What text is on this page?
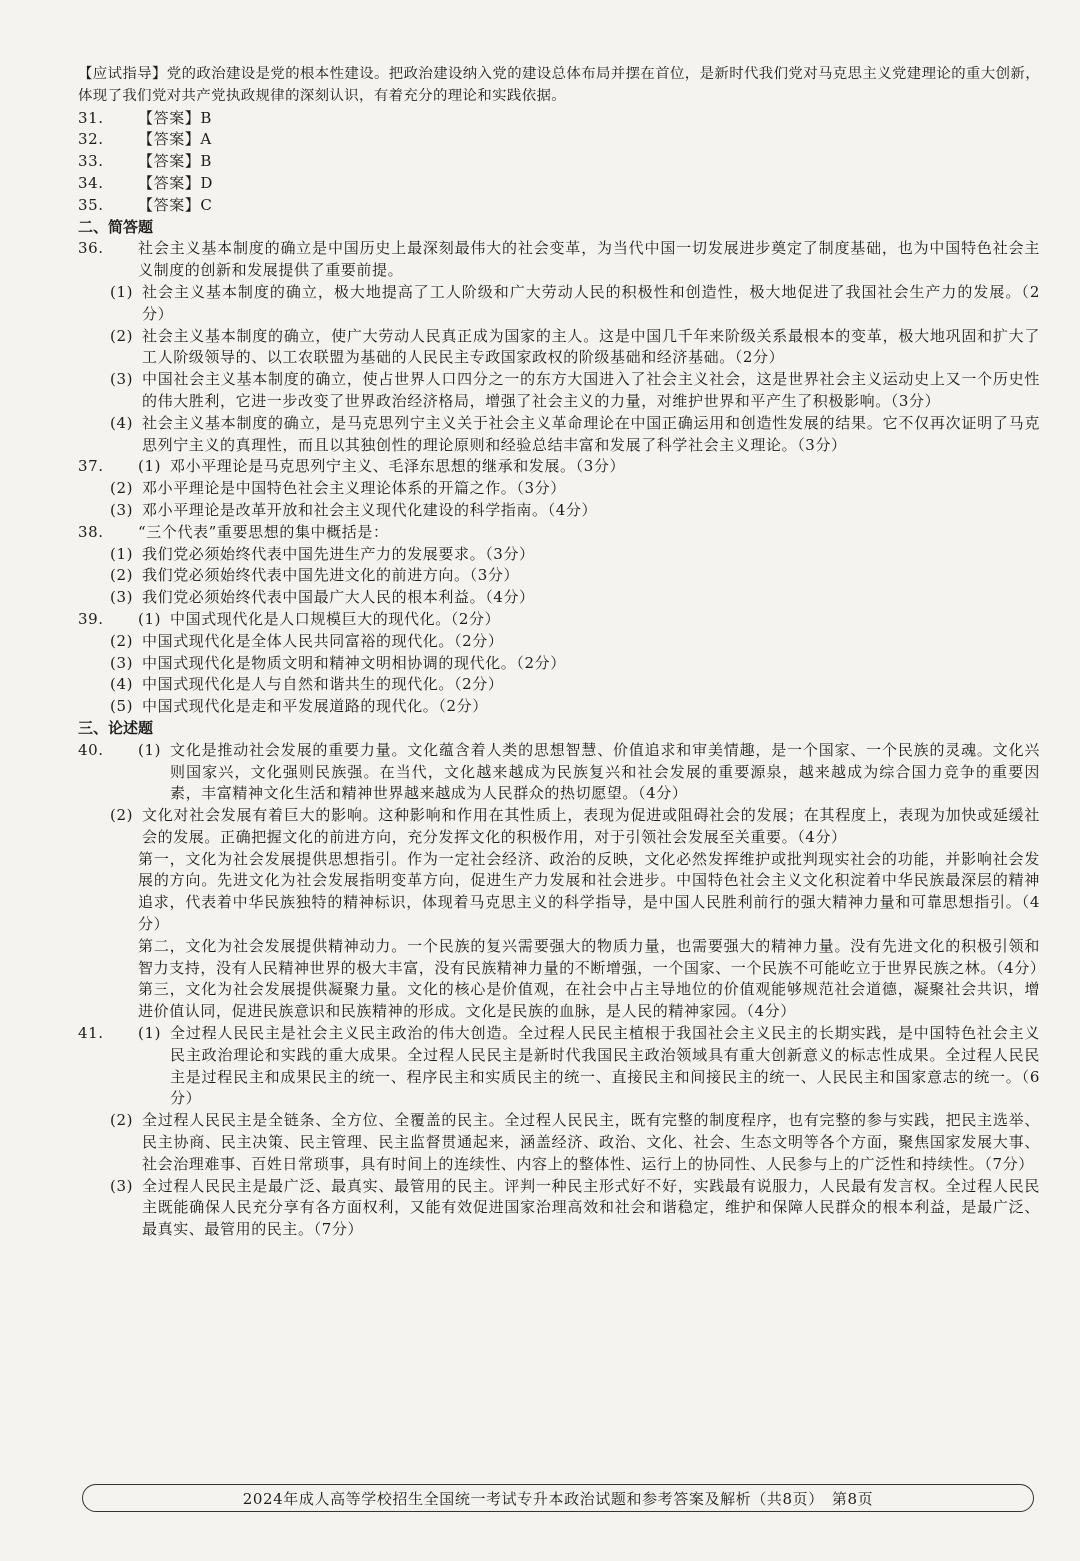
【应试指导】党的政治建设是党的根本性建设。把政治建设纳入党的建设总体布局并摆在首位，是新时代我们党对马克思主义党建理论的重大创新，体现了我们党对共产党执政规律的深刻认识，有着充分的理论和实践依据。

31.	【答案】B
32.	【答案】A
33.	【答案】B
34.	【答案】D
35.	【答案】C

二、简答题

36.	社会主义基本制度的确立是中国历史上最深刻最伟大的社会变革，为当代中国一切发展进步奠定了制度基础，也为中国特色社会主义制度的创新和发展提供了重要前提。
(1) 社会主义基本制度的确立，极大地提高了工人阶级和广大劳动人民的积极性和创造性，极大地促进了我国社会生产力的发展。（2分）
(2) 社会主义基本制度的确立，使广大劳动人民真正成为国家的主人。这是中国几千年来阶级关系最根本的变革，极大地巩固和扩大了工人阶级领导的、以工农联盟为基础的人民民主专政国家政权的阶级基础和经济基础。（2分）
(3) 中国社会主义基本制度的确立，使占世界人口四分之一的东方大国进入了社会主义社会，这是世界社会主义运动史上又一个历史性的伟大胜利，它进一步改变了世界政治经济格局，增强了社会主义的力量，对维护世界和平产生了积极影响。（3分）
(4) 社会主义基本制度的确立，是马克思列宁主义关于社会主义革命理论在中国正确运用和创造性发展的结果。它不仅再次证明了马克思列宁主义的真理性，而且以其独创性的理论原则和经验总结丰富和发展了科学社会主义理论。（3分）
37.	(1) 邓小平理论是马克思列宁主义、毛泽东思想的继承和发展。（3分）
(2) 邓小平理论是中国特色社会主义理论体系的开篇之作。（3分）
(3) 邓小平理论是改革开放和社会主义现代化建设的科学指南。（4分）
38.	“三个代表”重要思想的集中概括是：
(1) 我们党必须始终代表中国先进生产力的发展要求。（3分）
(2) 我们党必须始终代表中国先进文化的前进方向。（3分）
(3) 我们党必须始终代表中国最广大人民的根本利益。（4分）
39.	(1) 中国式现代化是人口规模巨大的现代化。（2分）
(2) 中国式现代化是全体人民共同富裕的现代化。（2分）
(3) 中国式现代化是物质文明和精神文明相协调的现代化。（2分）
(4) 中国式现代化是人与自然和谐共生的现代化。（2分）
(5) 中国式现代化是走和平发展道路的现代化。（2分）

三、论述题

40.	(1) 文化是推动社会发展的重要力量。文化蕴含着人类的思想智慧、价值追求和审美情趣，是一个国家、一个民族的灵魂。文化兴则国家兴，文化强则民族强。在当代，文化越来越成为民族复兴和社会发展的重要源泉，越来越成为综合国力竞争的重要因素，丰富精神文化生活和精神世界越来越成为人民群众的热切愿望。（4分）
(2) 文化对社会发展有着巨大的影响。这种影响和作用在其性质上，表现为促进或阻碍社会的发展；在其程度上，表现为加快或延缓社会的发展。正确把握文化的前进方向，充分发挥文化的积极作用，对于引领社会发展至关重要。（4分）

第一，文化为社会发展提供思想指引。作为一定社会经济、政治的反映，文化必然发挥维护或批判现实社会的功能，并影响社会发展的方向。先进文化为社会发展指明变革方向，促进生产力发展和社会进步。中国特色社会主义文化积淀着中华民族最深层的精神追求，代表着中华民族独特的精神标识，体现着马克思主义的科学指导，是中国人民胜利前行的强大精神力量和可靠思想指引。（4分）

第二，文化为社会发展提供精神动力。一个民族的复兴需要强大的物质力量，也需要强大的精神力量。没有先进文化的积极引领和智力支持，没有人民精神世界的极大丰富，没有民族精神力量的不断增强，一个国家、一个民族不可能屹立于世界民族之林。（4分）

第三，文化为社会发展提供凝聚力量。文化的核心是价值观，在社会中占主导地位的价值观能够规范社会道德，凝聚社会共识，增进价值认同，促进民族意识和民族精神的形成。文化是民族的血脉，是人民的精神家园。（4分）

41.	(1) 全过程人民民主是社会主义民主政治的伟大创造。全过程人民民主植根于我国社会主义民主的长期实践，是中国特色社会主义民主政治理论和实践的重大成果。全过程人民民主是新时代我国民主政治领域具有重大创新意义的标志性成果。全过程人民民主是过程民主和成果民主的统一、程序民主和实质民主的统一、直接民主和间接民主的统一、人民民主和国家意志的统一。（6分）
(2) 全过程人民民主是全链条、全方位、全覆盖的民主。全过程人民民主，既有完整的制度程序，也有完整的参与实践，把民主选举、民主协商、民主决策、民主管理、民主监督贯通起来，涵盖经济、政治、文化、社会、生态文明等各个方面，聚焦国家发展大事、社会治理难事、百姓日常琐事，具有时间上的连续性、内容上的整体性、运行上的协同性、人民参与上的广泛性和持续性。（7分）
(3) 全过程人民民主是最广泛、最真实、最管用的民主。评判一种民主形式好不好，实践最有说服力，人民最有发言权。全过程人民民主既能确保人民充分享有各方面权利，又能有效促进国家治理高效和社会和谐稳定，维护和保障人民群众的根本利益，是最广泛、最真实、最管用的民主。（7分）
2024年成人高等学校招生全国统一考试专升本政治试题和参考答案及解析（共8页）　第8页
